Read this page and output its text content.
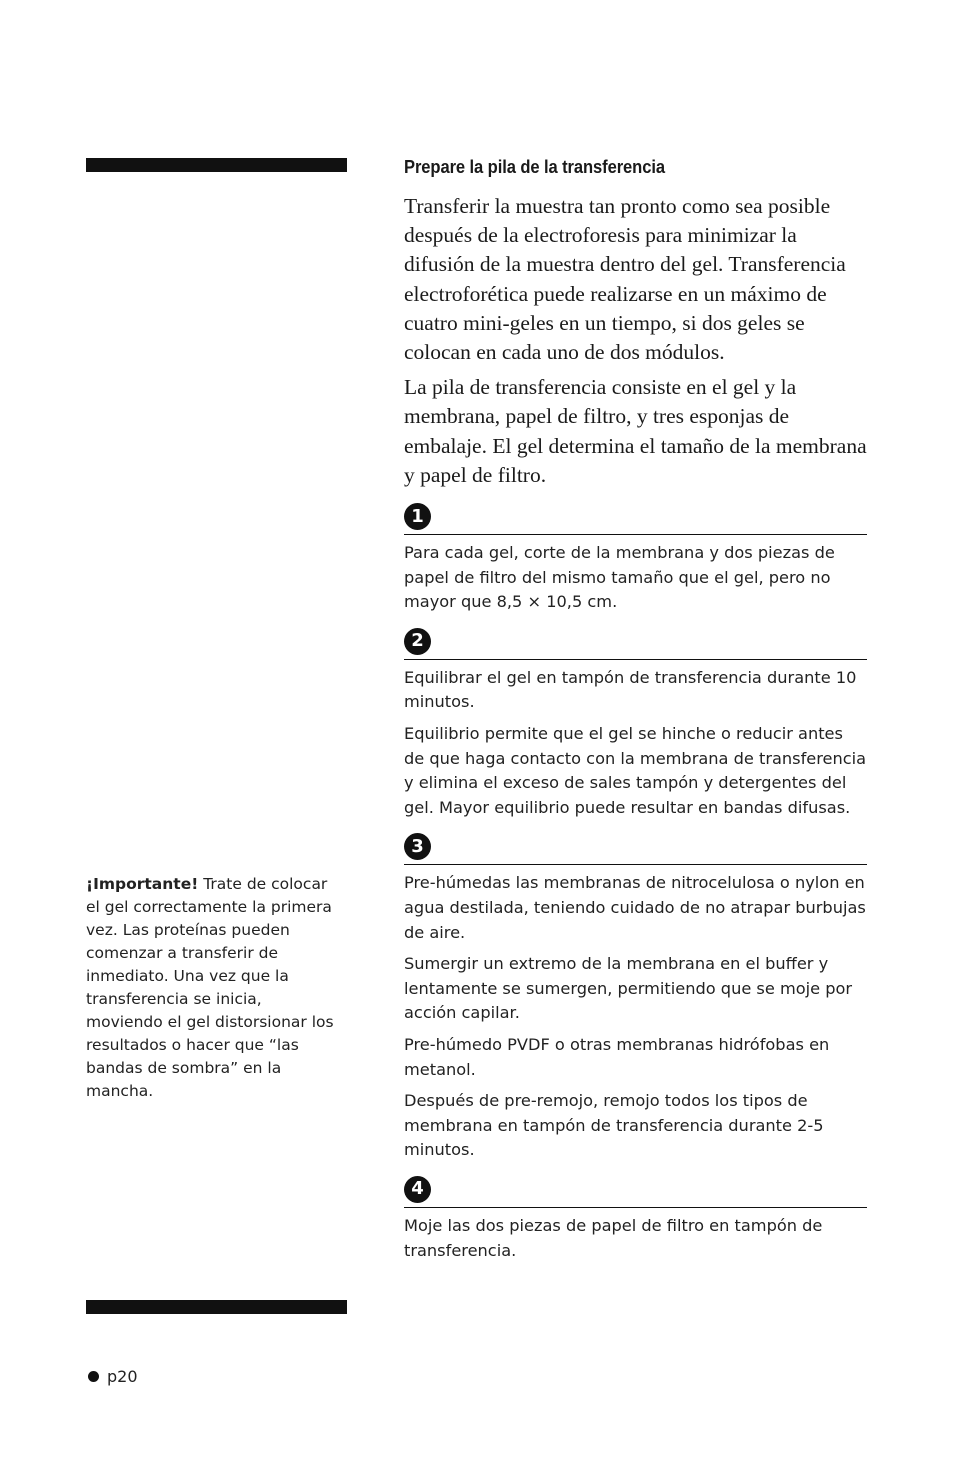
¡Importante! Trate de colocar el gel correctamente la primera vez. Las proteínas pueden comenzar a transferir de inmediato. Una vez que la transferencia se inicia, moviendo el gel distorsionar los resultados o hacer que “las bandas de sombra” en la mancha.
Prepare la pila de la transferencia

Transferir la muestra tan pronto como sea posible después de la electroforesis para minimizar la difusión de la muestra dentro del gel. Transferencia electroforética puede realizarse en un máximo de cuatro mini-geles en un tiempo, si dos geles se colocan en cada uno de dos módulos.

La pila de transferencia consiste en el gel y la membrana, papel de filtro, y tres esponjas de embalaje. El gel determina el tamaño de la membrana y papel de filtro.

1

Para cada gel, corte de la membrana y dos piezas de papel de filtro del mismo tamaño que el gel, pero no mayor que 8,5 × 10,5 cm.

2

Equilibrar el gel en tampón de transferencia durante 10 minutos.

Equilibrio permite que el gel se hinche o reducir antes de que haga contacto con la membrana de transferencia y elimina el exceso de sales tampón y detergentes del gel. Mayor equilibrio puede resultar en bandas difusas.

3

Pre-húmedas las membranas de nitrocelulosa o nylon en agua destilada, teniendo cuidado de no atrapar burbujas de aire.

Sumergir un extremo de la membrana en el buffer y lentamente se sumergen, permitiendo que se moje por acción capilar.

Pre-húmedo PVDF o otras membranas hidrófobas en metanol.

Después de pre-remojo, remojo todos los tipos de membrana en tampón de transferencia durante 2-5 minutos.

4

Moje las dos piezas de papel de filtro en tampón de transferencia.

p20
